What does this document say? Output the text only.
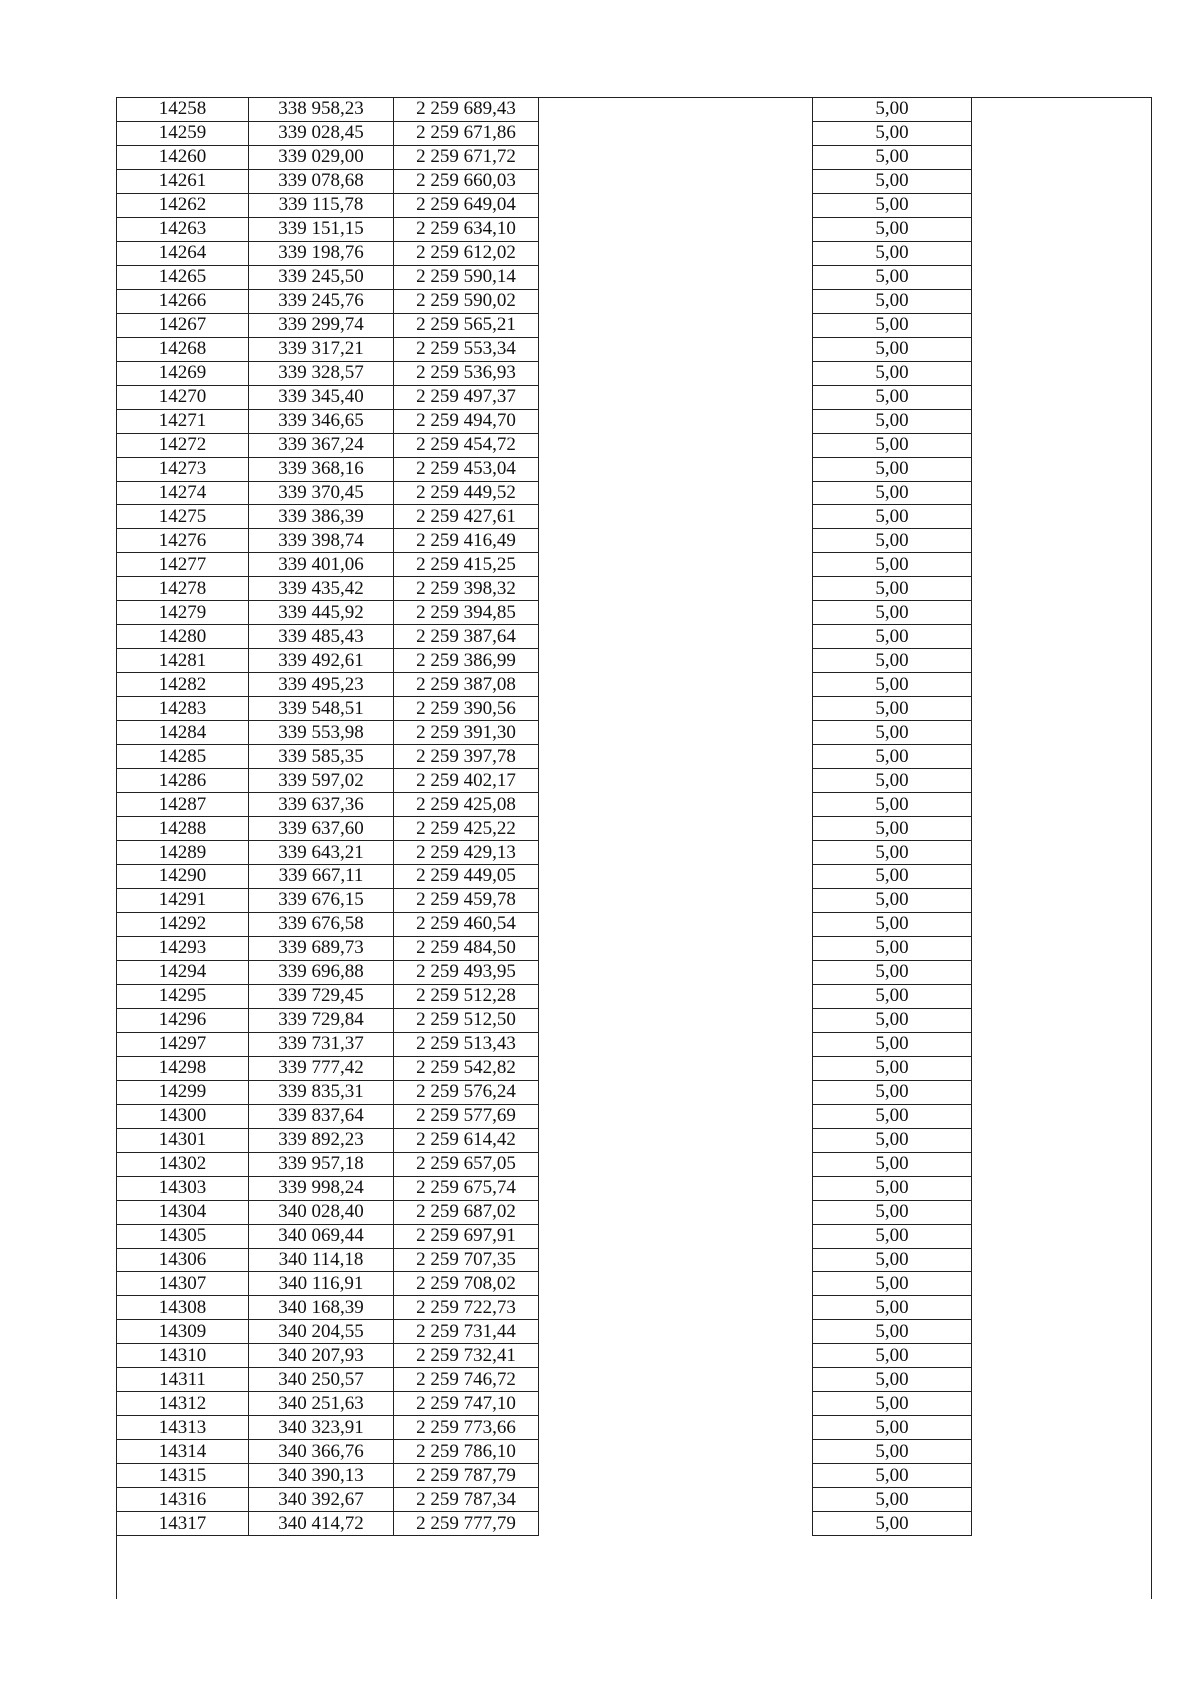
14258	338 958,23	2 259 689,43		5,00	
14259	339 028,45	2 259 671,86		5,00	
14260	339 029,00	2 259 671,72		5,00	
14261	339 078,68	2 259 660,03		5,00	
14262	339 115,78	2 259 649,04		5,00	
14263	339 151,15	2 259 634,10		5,00	
14264	339 198,76	2 259 612,02		5,00	
14265	339 245,50	2 259 590,14		5,00	
14266	339 245,76	2 259 590,02		5,00	
14267	339 299,74	2 259 565,21		5,00	
14268	339 317,21	2 259 553,34		5,00	
14269	339 328,57	2 259 536,93		5,00	
14270	339 345,40	2 259 497,37		5,00	
14271	339 346,65	2 259 494,70		5,00	
14272	339 367,24	2 259 454,72		5,00	
14273	339 368,16	2 259 453,04		5,00	
14274	339 370,45	2 259 449,52		5,00	
14275	339 386,39	2 259 427,61		5,00	
14276	339 398,74	2 259 416,49		5,00	
14277	339 401,06	2 259 415,25		5,00	
14278	339 435,42	2 259 398,32		5,00	
14279	339 445,92	2 259 394,85		5,00	
14280	339 485,43	2 259 387,64		5,00	
14281	339 492,61	2 259 386,99		5,00	
14282	339 495,23	2 259 387,08		5,00	
14283	339 548,51	2 259 390,56		5,00	
14284	339 553,98	2 259 391,30		5,00	
14285	339 585,35	2 259 397,78		5,00	
14286	339 597,02	2 259 402,17		5,00	
14287	339 637,36	2 259 425,08		5,00	
14288	339 637,60	2 259 425,22		5,00	
14289	339 643,21	2 259 429,13		5,00	
14290	339 667,11	2 259 449,05		5,00	
14291	339 676,15	2 259 459,78		5,00	
14292	339 676,58	2 259 460,54		5,00	
14293	339 689,73	2 259 484,50		5,00	
14294	339 696,88	2 259 493,95		5,00	
14295	339 729,45	2 259 512,28		5,00	
14296	339 729,84	2 259 512,50		5,00	
14297	339 731,37	2 259 513,43		5,00	
14298	339 777,42	2 259 542,82		5,00	
14299	339 835,31	2 259 576,24		5,00	
14300	339 837,64	2 259 577,69		5,00	
14301	339 892,23	2 259 614,42		5,00	
14302	339 957,18	2 259 657,05		5,00	
14303	339 998,24	2 259 675,74		5,00	
14304	340 028,40	2 259 687,02		5,00	
14305	340 069,44	2 259 697,91		5,00	
14306	340 114,18	2 259 707,35		5,00	
14307	340 116,91	2 259 708,02		5,00	
14308	340 168,39	2 259 722,73		5,00	
14309	340 204,55	2 259 731,44		5,00	
14310	340 207,93	2 259 732,41		5,00	
14311	340 250,57	2 259 746,72		5,00	
14312	340 251,63	2 259 747,10		5,00	
14313	340 323,91	2 259 773,66		5,00	
14314	340 366,76	2 259 786,10		5,00	
14315	340 390,13	2 259 787,79		5,00	
14316	340 392,67	2 259 787,34		5,00	
14317	340 414,72	2 259 777,79		5,00	
